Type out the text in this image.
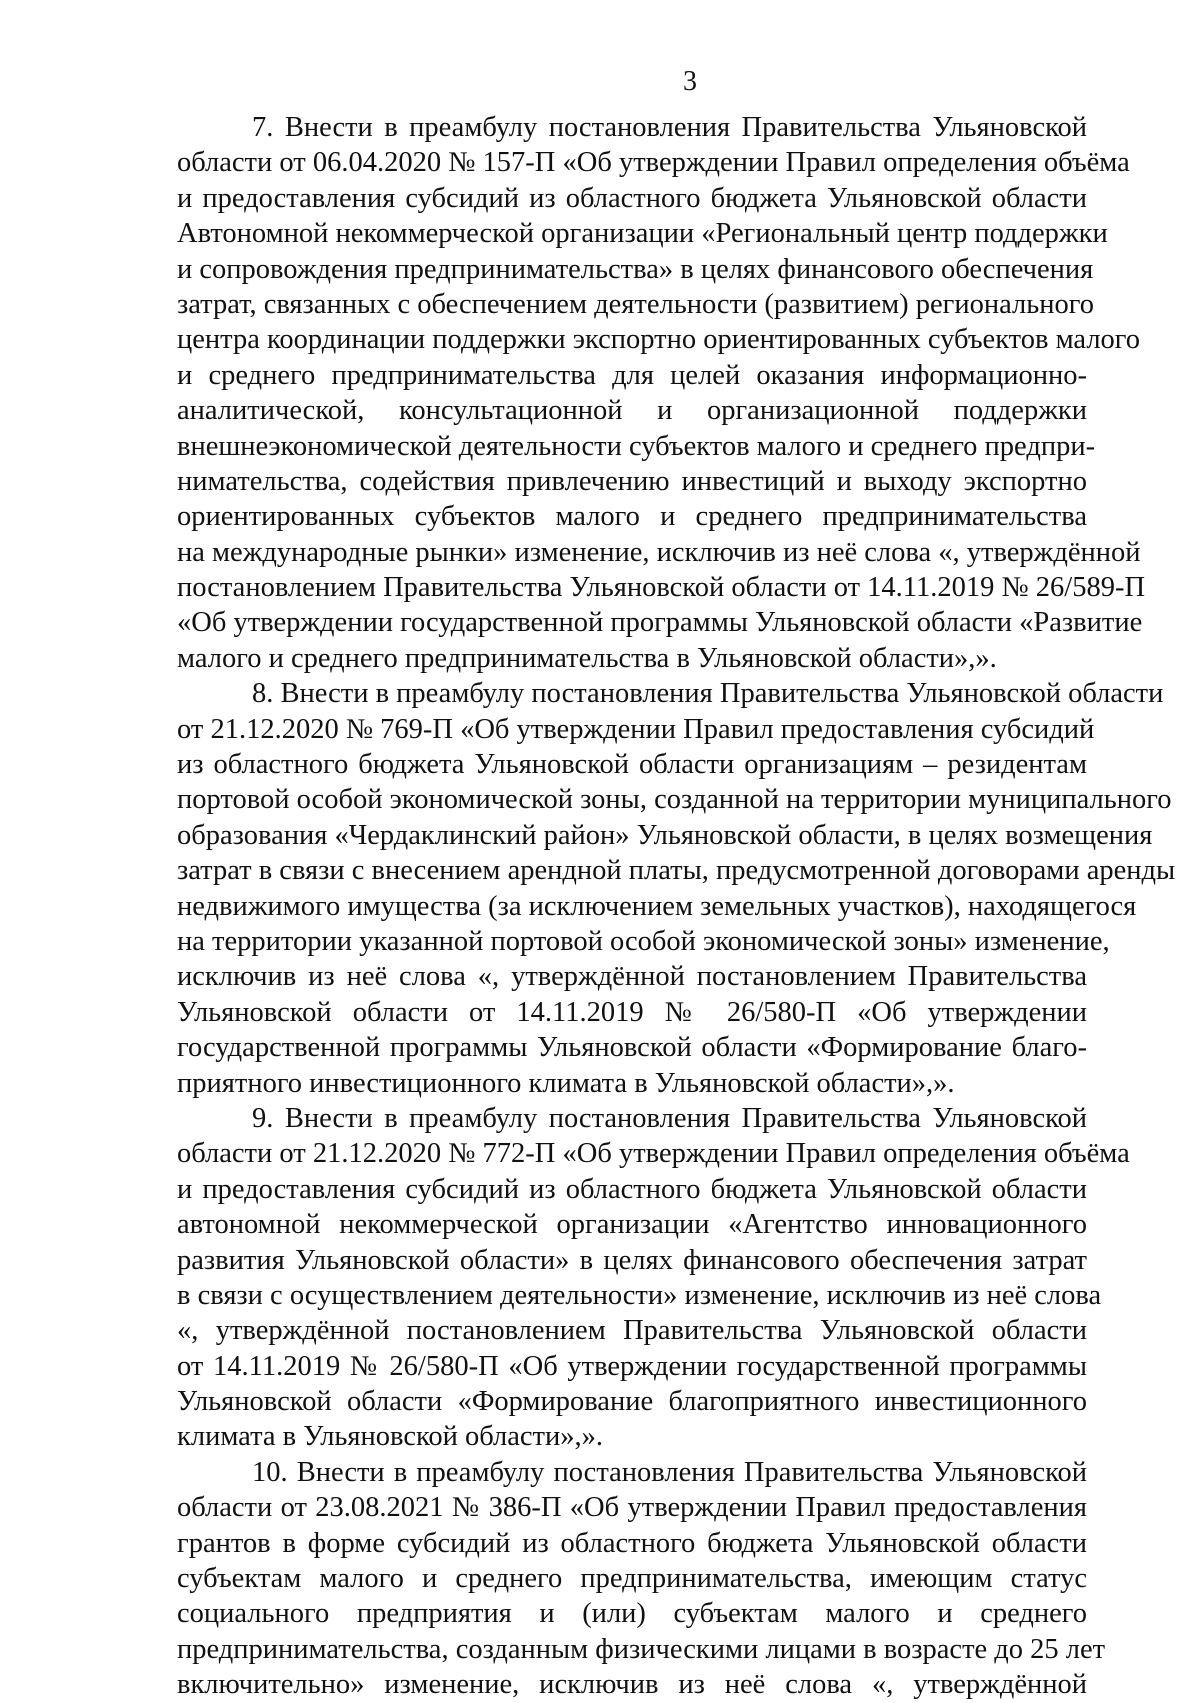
3
7. Внести в преамбулу постановления Правительства Ульяновской
области от 06.04.2020 № 157-П «Об утверждении Правил определения объёма
и предоставления субсидий из областного бюджета Ульяновской области
Автономной некоммерческой организации «Региональный центр поддержки
и сопровождения предпринимательства» в целях финансового обеспечения
затрат, связанных с обеспечением деятельности (развитием) регионального
центра координации поддержки экспортно ориентированных субъектов малого
и среднего предпринимательства для целей оказания информационно-
аналитической, консультационной и организационной поддержки
внешнеэкономической деятельности субъектов малого и среднего предпри-
нимательства, содействия привлечению инвестиций и выходу экспортно
ориентированных субъектов малого и среднего предпринимательства
на международные рынки» изменение, исключив из неё слова «, утверждённой
постановлением Правительства Ульяновской области от 14.11.2019 № 26/589-П
«Об утверждении государственной программы Ульяновской области «Развитие
малого и среднего предпринимательства в Ульяновской области»,».
8. Внести в преамбулу постановления Правительства Ульяновской области
от 21.12.2020 № 769-П «Об утверждении Правил предоставления субсидий
из областного бюджета Ульяновской области организациям – резидентам
портовой особой экономической зоны, созданной на территории муниципального
образования «Чердаклинский район» Ульяновской области, в целях возмещения
затрат в связи с внесением арендной платы, предусмотренной договорами аренды
недвижимого имущества (за исключением земельных участков), находящегося
на территории указанной портовой особой экономической зоны» изменение,
исключив из неё слова «, утверждённой постановлением Правительства
Ульяновской области от 14.11.2019 № 26/580-П «Об утверждении
государственной программы Ульяновской области «Формирование благо-
приятного инвестиционного климата в Ульяновской области»,».
9. Внести в преамбулу постановления Правительства Ульяновской
области от 21.12.2020 № 772-П «Об утверждении Правил определения объёма
и предоставления субсидий из областного бюджета Ульяновской области
автономной некоммерческой организации «Агентство инновационного
развития Ульяновской области» в целях финансового обеспечения затрат
в связи с осуществлением деятельности» изменение, исключив из неё слова
«, утверждённой постановлением Правительства Ульяновской области
от 14.11.2019 № 26/580-П «Об утверждении государственной программы
Ульяновской области «Формирование благоприятного инвестиционного
климата в Ульяновской области»,».
10. Внести в преамбулу постановления Правительства Ульяновской
области от 23.08.2021 № 386-П «Об утверждении Правил предоставления
грантов в форме субсидий из областного бюджета Ульяновской области
субъектам малого и среднего предпринимательства, имеющим статус
социального предприятия и (или) субъектам малого и среднего
предпринимательства, созданным физическими лицами в возрасте до 25 лет
включительно» изменение, исключив из неё слова «, утверждённой
